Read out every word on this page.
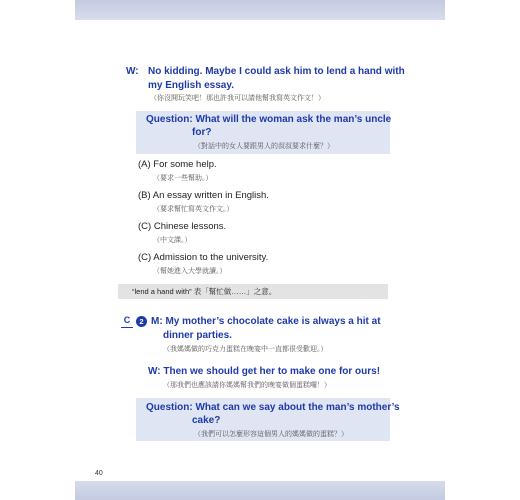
W: No kidding. Maybe I could ask him to lend a hand with
my English essay.
（你沒開玩笑吧！那也許我可以請他幫我寫英文作文！）
Question: What will the woman ask the man’s uncle
for?
（對話中的女人要跟男人的叔叔要求什麼？）
(A) For some help.
（要求一些幫助。）
(B) An essay written in English.
（要求幫忙寫英文作文。）
(C) Chinese lessons.
（中文課。）
(C) Admission to the university.
（幫她進入大學就讀。）
“lend a hand with” 表「幫忙做……」之意。
C	2 M: My mother’s chocolate cake is always a hit at
dinner parties.
（我媽媽做的巧克力蛋糕在晚宴中一直都很受歡迎。）
W: Then we should get her to make one for ours!
（那我們也應該請你媽媽幫我們的晚宴做個蛋糕囉！）
Question: What can we say about the man’s mother’s
cake?
（我們可以怎麼形容這個男人的媽媽做的蛋糕？）
40
